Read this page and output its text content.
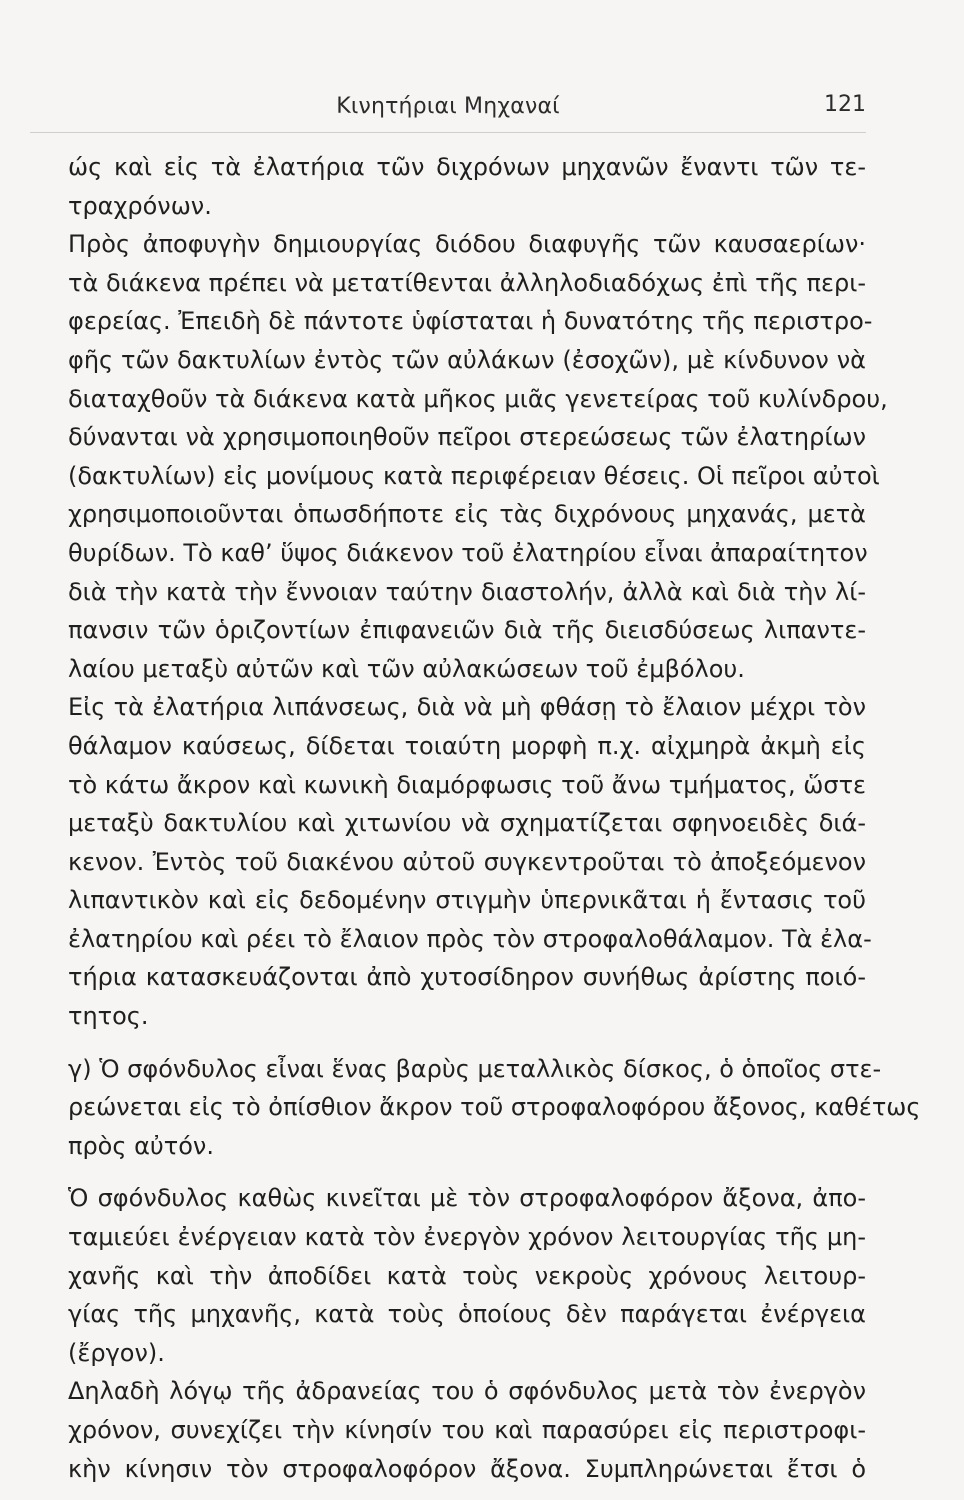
Κινητήριαι Μηχαναί	121
ώς καὶ εἰς τὰ ἐλατήρια τῶν διχρόνων μηχανῶν ἔναντι τῶν τε-
τραχρόνων.
Πρὸς ἀποφυγὴν δημιουργίας διόδου διαφυγῆς τῶν καυσαερίων·
τὰ διάκενα πρέπει νὰ μετατίθενται ἀλληλοδιαδόχως ἐπὶ τῆς περι-
φερείας. Ἐπειδὴ δὲ πάντοτε ὑφίσταται ἡ δυνατότης τῆς περιστρο-
φῆς τῶν δακτυλίων ἐντὸς τῶν αὐλάκων (ἐσοχῶν), μὲ κίνδυνον νὰ
διαταχθοῦν τὰ διάκενα κατὰ μῆκος μιᾶς γενετείρας τοῦ κυλίνδρου,
δύνανται νὰ χρησιμοποιηθοῦν πεῖροι στερεώσεως τῶν ἐλατηρίων
(δακτυλίων) εἰς μονίμους κατὰ περιφέρειαν θέσεις. Οἱ πεῖροι αὐτοὶ
χρησιμοποιοῦνται ὁπωσδήποτε εἰς τὰς διχρόνους μηχανάς, μετὰ
θυρίδων. Τὸ καθ’ ὕψος διάκενον τοῦ ἐλατηρίου εἶναι ἀπαραίτητον
διὰ τὴν κατὰ τὴν ἔννοιαν ταύτην διαστολήν, ἀλλὰ καὶ διὰ τὴν λί-
πανσιν τῶν ὁριζοντίων ἐπιφανειῶν διὰ τῆς διεισδύσεως λιπαντε-
λαίου μεταξὺ αὐτῶν καὶ τῶν αὐλακώσεων τοῦ ἐμβόλου.
Εἰς τὰ ἐλατήρια λιπάνσεως, διὰ νὰ μὴ φθάσῃ τὸ ἔλαιον μέχρι τὸν
θάλαμον καύσεως, δίδεται τοιαύτη μορφὴ π.χ. αἰχμηρὰ ἀκμὴ εἰς
τὸ κάτω ἄκρον καὶ κωνικὴ διαμόρφωσις τοῦ ἄνω τμήματος, ὥστε
μεταξὺ δακτυλίου καὶ χιτωνίου νὰ σχηματίζεται σφηνοειδὲς διά-
κενον. Ἐντὸς τοῦ διακένου αὐτοῦ συγκεντροῦται τὸ ἀποξεόμενον
λιπαντικὸν καὶ εἰς δεδομένην στιγμὴν ὑπερνικᾶται ἡ ἔντασις τοῦ
ἐλατηρίου καὶ ρέει τὸ ἔλαιον πρὸς τὸν στροφαλοθάλαμον. Τὰ ἐλα-
τήρια κατασκευάζονται ἀπὸ χυτοσίδηρον συνήθως ἀρίστης ποιό-
τητος.
γ) Ὁ σφόνδυλος εἶναι ἕνας βαρὺς μεταλλικὸς δίσκος, ὁ ὁποῖος στε-
ρεώνεται εἰς τὸ ὀπίσθιον ἄκρον τοῦ στροφαλοφόρου ἄξονος, καθέτως
πρὸς αὐτόν.
Ὁ σφόνδυλος καθὼς κινεῖται μὲ τὸν στροφαλοφόρον ἄξονα, ἀπο-
ταμιεύει ἐνέργειαν κατὰ τὸν ἐνεργὸν χρόνον λειτουργίας τῆς μη-
χανῆς καὶ τὴν ἀποδίδει κατὰ τοὺς νεκροὺς χρόνους λειτουρ-
γίας τῆς μηχανῆς, κατὰ τοὺς ὁποίους δὲν παράγεται ἐνέργεια
(ἔργον).
Δηλαδὴ λόγῳ τῆς ἀδρανείας του ὁ σφόνδυλος μετὰ τὸν ἐνεργὸν
χρόνον, συνεχίζει τὴν κίνησίν του καὶ παρασύρει εἰς περιστροφι-
κὴν κίνησιν τὸν στροφαλοφόρον ἄξονα. Συμπληρώνεται ἔτσι ὁ
